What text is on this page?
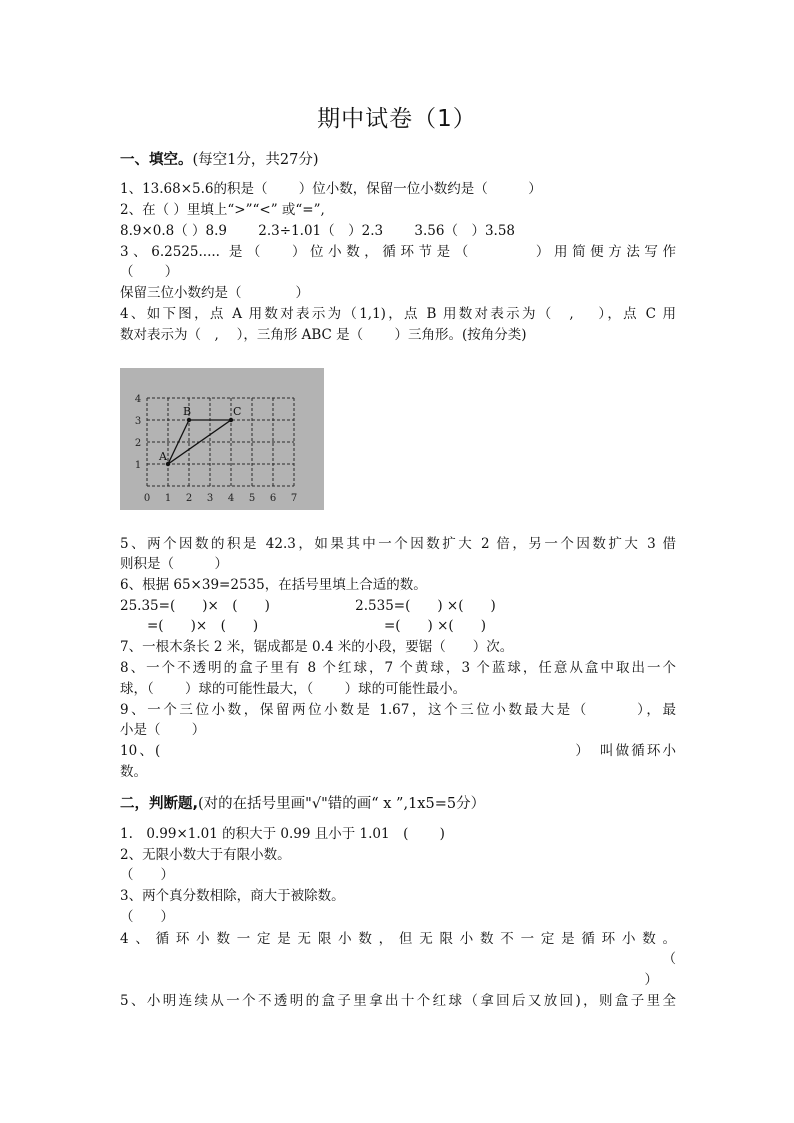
期中试卷（1）
一、填空。(每空1分，共27分)
1、13.68×5.6的积是（　　 ）位小数，保留一位小数约是（　　　）
2、在（ ）里填上“>”“<” 或“=”,
8.9×0.8（ ）8.9　　 2.3÷1.01（　）2.3　　 3.56（　）3.58
3、6.2525..... 是（　 ）位小数，循环节是（　　　 ）用简便方法写作
（　　 ）
保留三位小数约是（　　　　）
4、如下图，点 A 用数对表示为（1,1)，点 B 用数对表示为（　,　 ），点 C 用
数对表示为（　,　 ），三角形 ABC 是（　　 ）三角形。(按角分类)
0 1 2 3 4 5 6 7
1
2
3
4
A
B	C
5、两个因数的积是 42.3，如果其中一个因数扩大 2 倍，另一个因数扩大 3 借
则积是（　　　）
6、根据 65×39=2535，在括号里填上合适的数。
25.35=(　　)×　(　　)　　　　　　 2.535=(　　) ×(　　)
　　=(　　)×　(　　)　　　　　　　　　 =(　　) ×(　　)
7、一根木条长 2 米，锯成都是 0.4 米的小段，要锯（　　）次。
8、一个不透明的盒子里有 8 个红球，7 个黄球，3 个蓝球，任意从盒中取出一个
球，（　　 ）球的可能性最大，（　　 ）球的可能性最小。
9、一个三位小数，保留两位小数是 1.67，这个三位小数最大是（　　　），最
小是（　　 ）
10、(　　　　　　　　　　　　　　　　　　　　　　　　　　 ）　叫做循环小
数。
二，判断题,(对的在括号里画"√"错的画“ x ”,1x5=5分）
1.　0.99×1.01 的积大于 0.99 且小于 1.01　(　　 )
2、无限小数大于有限小数。
（　　）
3、两个真分数相除，商大于被除数。
（　　）
4、循环小数一定是无限小数，但无限小数不一定是循环小数。
（
）
5、小明连续从一个不透明的盒子里拿出十个红球（拿回后又放回)，则盒子里全
